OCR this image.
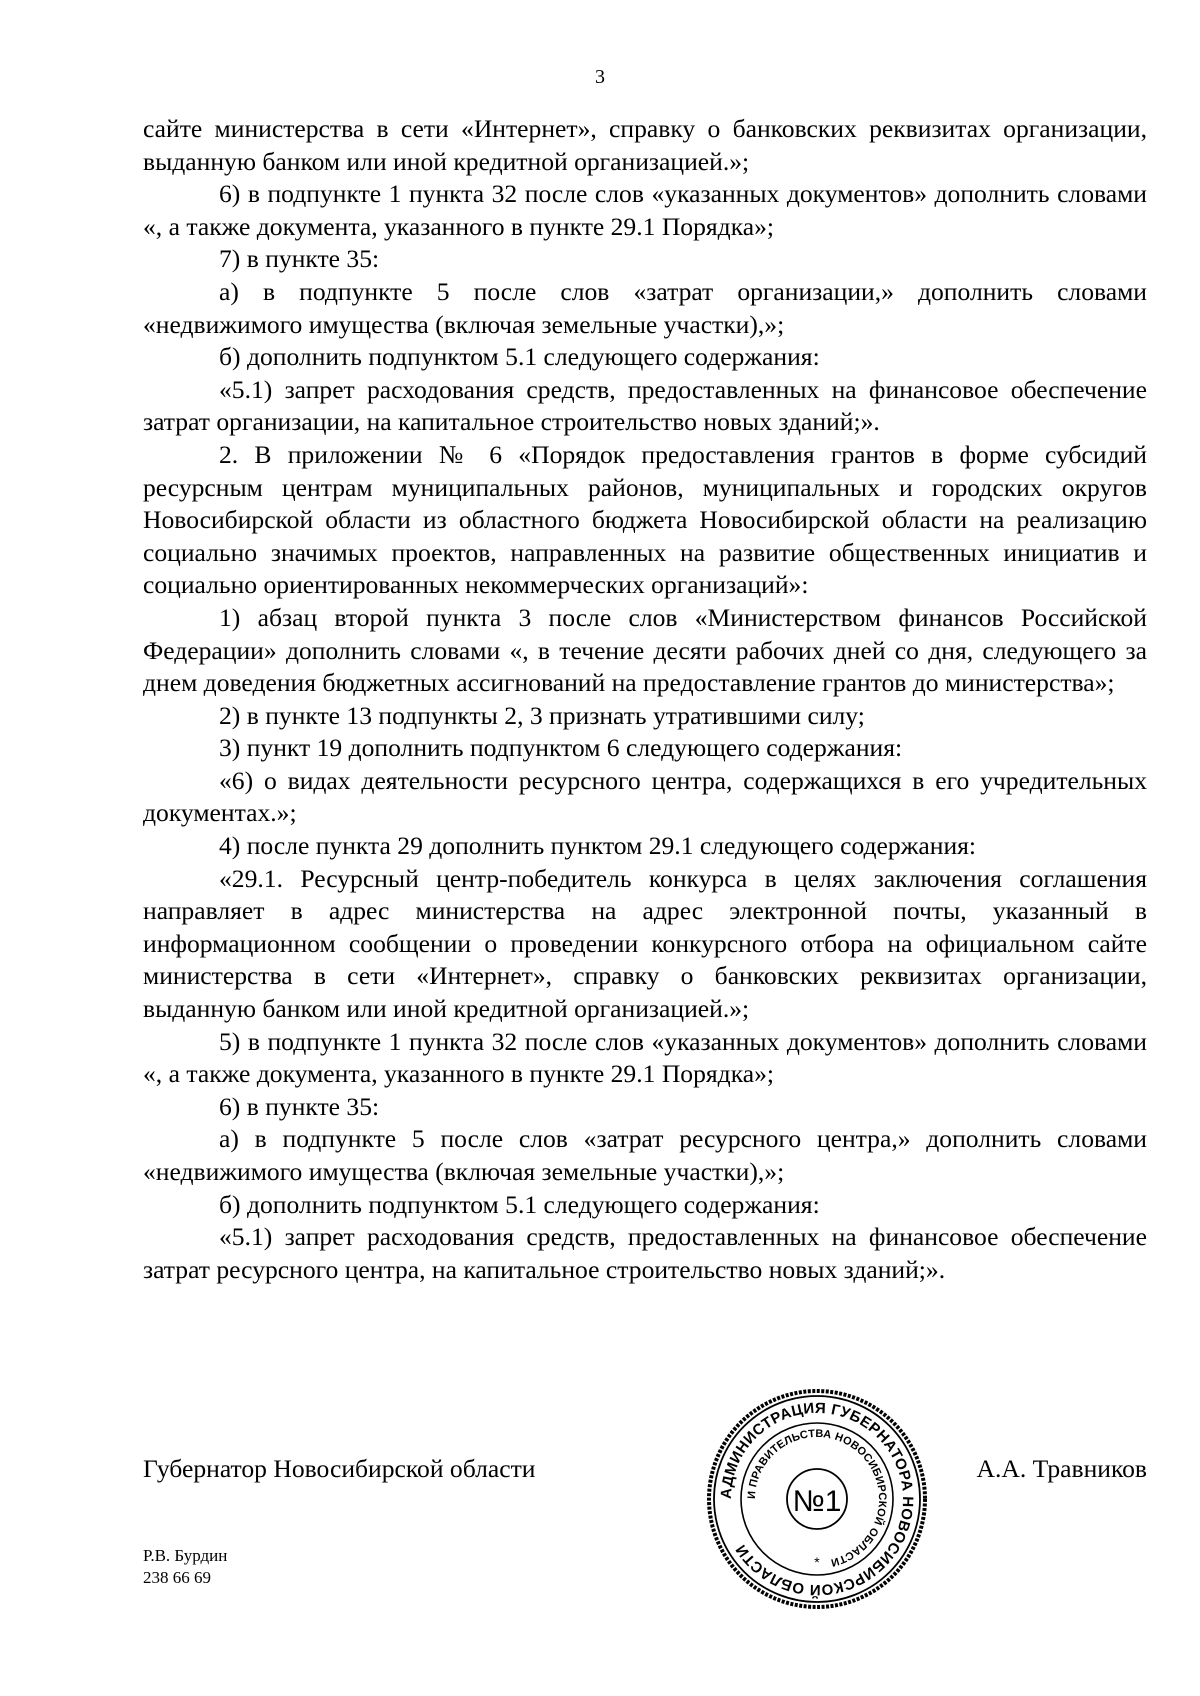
3

сайте министерства в сети «Интернет», справку о банковских реквизитах организации, выданную банком или иной кредитной организацией.»;

6) в подпункте 1 пункта 32 после слов «указанных документов» дополнить словами «, а также документа, указанного в пункте 29.1 Порядка»;

7) в пункте 35:

а) в подпункте 5 после слов «затрат организации,» дополнить словами «недвижимого имущества (включая земельные участки),»;

б) дополнить подпунктом 5.1 следующего содержания:

«5.1) запрет расходования средств, предоставленных на финансовое обеспечение затрат организации, на капитальное строительство новых зданий;».

2. В приложении № 6 «Порядок предоставления грантов в форме субсидий ресурсным центрам муниципальных районов, муниципальных и городских округов Новосибирской области из областного бюджета Новосибирской области на реализацию социально значимых проектов, направленных на развитие общественных инициатив и социально ориентированных некоммерческих организаций»:

1) абзац второй пункта 3 после слов «Министерством финансов Российской Федерации» дополнить словами «, в течение десяти рабочих дней со дня, следующего за днем доведения бюджетных ассигнований на предоставление грантов до министерства»;

2) в пункте 13 подпункты 2, 3 признать утратившими силу;

3) пункт 19 дополнить подпунктом 6 следующего содержания:

«6) о видах деятельности ресурсного центра, содержащихся в его учредительных документах.»;

4) после пункта 29 дополнить пунктом 29.1 следующего содержания:

«29.1. Ресурсный центр-победитель конкурса в целях заключения соглашения направляет в адрес министерства на адрес электронной почты, указанный в информационном сообщении о проведении конкурсного отбора на официальном сайте министерства в сети «Интернет», справку о банковских реквизитах организации, выданную банком или иной кредитной организацией.»;

5) в подпункте 1 пункта 32 после слов «указанных документов» дополнить словами «, а также документа, указанного в пункте 29.1 Порядка»;

6) в пункте 35:

а) в подпункте 5 после слов «затрат ресурсного центра,» дополнить словами «недвижимого имущества (включая земельные участки),»;

б) дополнить подпунктом 5.1 следующего содержания:

«5.1) запрет расходования средств, предоставленных на финансовое обеспечение затрат ресурсного центра, на капитальное строительство новых зданий;».

Губернатор Новосибирской области	А.А. Травников
Р.В. Бурдин
238 66 69
АДМИНИСТРАЦИЯ ГУБЕРНАТОРА НОВОСИБИРСКОЙ ОБЛАСТИ
И ПРАВИТЕЛЬСТВА НОВОСИБИРСКОЙ ОБЛАСТИ
№1
*
